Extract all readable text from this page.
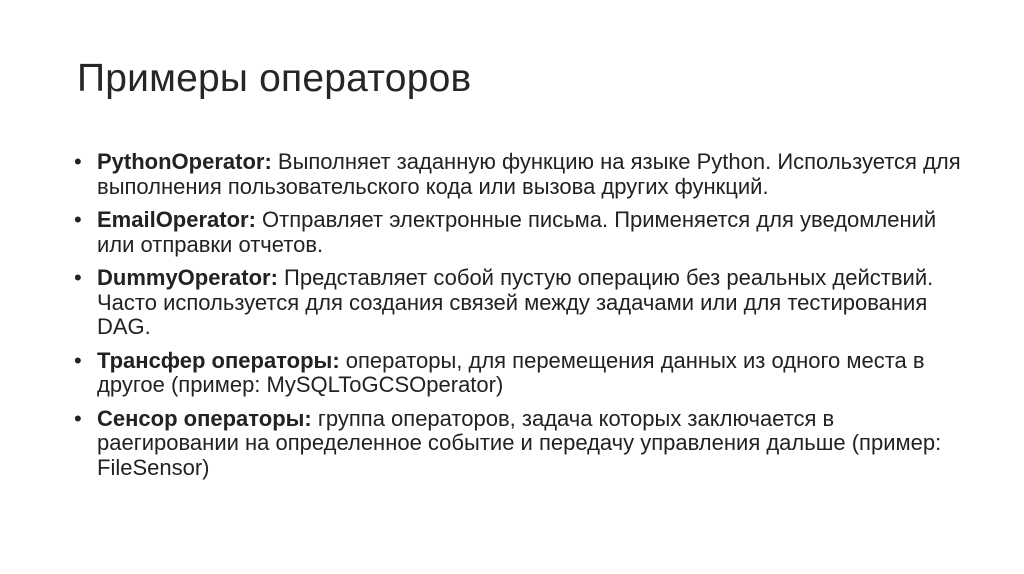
Примеры операторов
• PythonOperator: Выполняет заданную функцию на языке Python. Используется для выполнения пользовательского кода или вызова других функций.
• EmailOperator: Отправляет электронные письма. Применяется для уведомлений или отправки отчетов.
• DummyOperator: Представляет собой пустую операцию без реальных действий. Часто используется для создания связей между задачами или для тестирования DAG.
• Трансфер операторы: операторы, для перемещения данных из одного места в другое (пример: MySQLToGCSOperator)
• Сенсор операторы: группа операторов, задача которых заключается в раегировании на определенное событие и передачу управления дальше (пример: FileSensor)
